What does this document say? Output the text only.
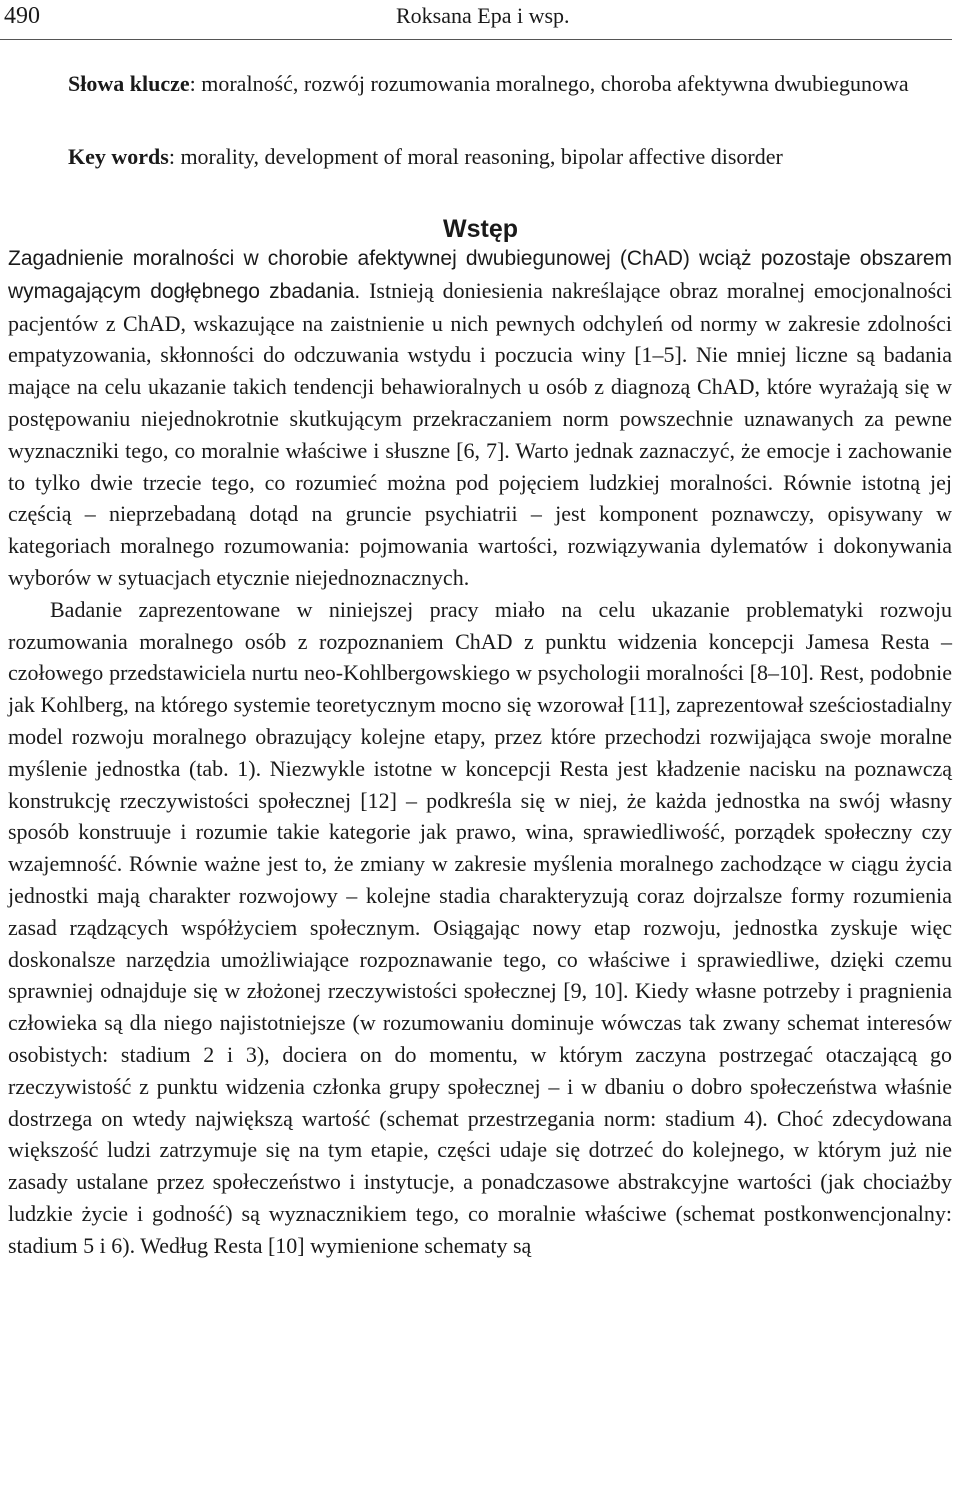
490	Roksana Epa i wsp.
Słowa klucze: moralność, rozwój rozumowania moralnego, choroba afektywna dwubiegunowa
Key words: morality, development of moral reasoning, bipolar affective disorder
Wstęp

Zagadnienie moralności w chorobie afektywnej dwubiegunowej (ChAD) wciąż pozostaje obszarem wymagającym dogłębnego zbadania. Istnieją doniesienia nakreślające obraz moralnej emocjonalności pacjentów z ChAD, wskazujące na zaistnienie u nich pewnych odchyleń od normy w zakresie zdolności empatyzowania, skłonności do odczuwania wstydu i poczucia winy [1–5]. Nie mniej liczne są badania mające na celu ukazanie takich tendencji behawioralnych u osób z diagnozą ChAD, które wyrażają się w postępowaniu niejednokrotnie skutkującym przekraczaniem norm powszechnie uznawanych za pewne wyznaczniki tego, co moralnie właściwe i słuszne [6, 7]. Warto jednak zaznaczyć, że emocje i zachowanie to tylko dwie trzecie tego, co rozumieć można pod pojęciem ludzkiej moralności. Równie istotną jej częścią – nieprzebadaną dotąd na gruncie psychiatrii – jest komponent poznawczy, opisywany w kategoriach moralnego rozumowania: pojmowania wartości, rozwiązywania dylematów i dokonywania wyborów w sytuacjach etycznie niejednoznacznych.

Badanie zaprezentowane w niniejszej pracy miało na celu ukazanie problematyki rozwoju rozumowania moralnego osób z rozpoznaniem ChAD z punktu widzenia koncepcji Jamesa Resta – czołowego przedstawiciela nurtu neo-Kohlbergowskiego w psychologii moralności [8–10]. Rest, podobnie jak Kohlberg, na którego systemie teoretycznym mocno się wzorował [11], zaprezentował sześciostadialny model rozwoju moralnego obrazujący kolejne etapy, przez które przechodzi rozwijająca swoje moralne myślenie jednostka (tab. 1). Niezwykle istotne w koncepcji Resta jest kładzenie nacisku na poznawczą konstrukcję rzeczywistości społecznej [12] – podkreśla się w niej, że każda jednostka na swój własny sposób konstruuje i rozumie takie kategorie jak prawo, wina, sprawiedliwość, porządek społeczny czy wzajemność. Równie ważne jest to, że zmiany w zakresie myślenia moralnego zachodzące w ciągu życia jednostki mają charakter rozwojowy – kolejne stadia charakteryzują coraz dojrzalsze formy rozumienia zasad rządzących współżyciem społecznym. Osiągając nowy etap rozwoju, jednostka zyskuje więc doskonalsze narzędzia umożliwiające rozpoznawanie tego, co właściwe i sprawiedliwe, dzięki czemu sprawniej odnajduje się w złożonej rzeczywistości społecznej [9, 10]. Kiedy własne potrzeby i pragnienia człowieka są dla niego najistotniejsze (w rozumowaniu dominuje wówczas tak zwany schemat interesów osobistych: stadium 2 i 3), dociera on do momentu, w którym zaczyna postrzegać otaczającą go rzeczywistość z punktu widzenia członka grupy społecznej – i w dbaniu o dobro społeczeństwa właśnie dostrzega on wtedy największą wartość (schemat przestrzegania norm: stadium 4). Choć zdecydowana większość ludzi zatrzymuje się na tym etapie, części udaje się dotrzeć do kolejnego, w którym już nie zasady ustalane przez społeczeństwo i instytucje, a ponadczasowe abstrakcyjne wartości (jak chociażby ludzkie życie i godność) są wyznacznikiem tego, co moralnie właściwe (schemat postkonwencjonalny: stadium 5 i 6). Według Resta [10] wymienione schematy są
